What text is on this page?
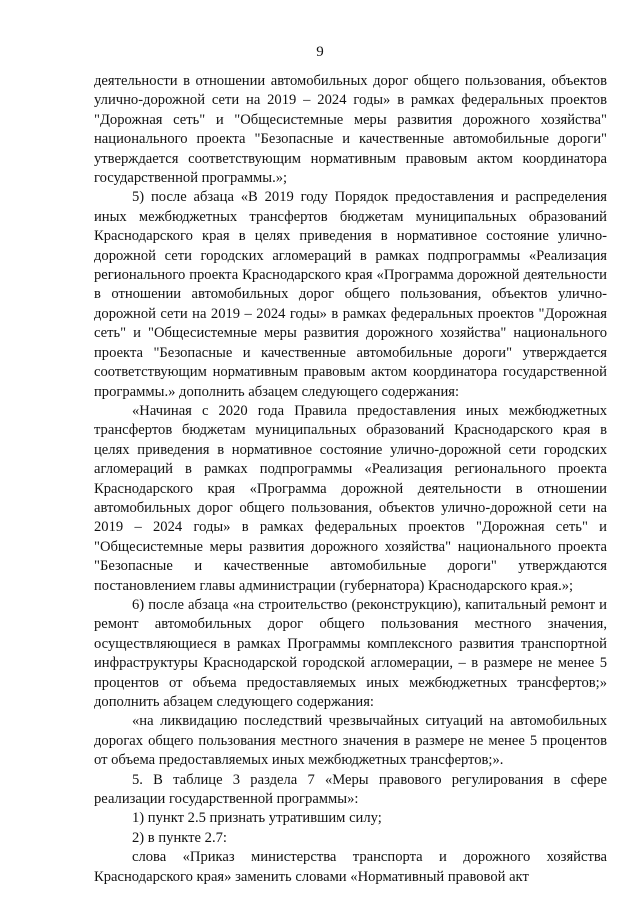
9

деятельности в отношении автомобильных дорог общего пользования, объектов улично-дорожной сети на 2019 – 2024 годы» в рамках федеральных проектов "Дорожная сеть" и "Общесистемные меры развития дорожного хозяйства" национального проекта "Безопасные и качественные автомобильные дороги" утверждается соответствующим нормативным правовым актом координатора государственной программы.»;

5) после абзаца «В 2019 году Порядок предоставления и распределения иных межбюджетных трансфертов бюджетам муниципальных образований Краснодарского края в целях приведения в нормативное состояние улично-дорожной сети городских агломераций в рамках подпрограммы «Реализация регионального проекта Краснодарского края «Программа дорожной деятельности в отношении автомобильных дорог общего пользования, объектов улично-дорожной сети на 2019 – 2024 годы» в рамках федеральных проектов "Дорожная сеть" и "Общесистемные меры развития дорожного хозяйства" национального проекта "Безопасные и качественные автомобильные дороги" утверждается соответствующим нормативным правовым актом координатора государственной программы.» дополнить абзацем следующего содержания:

«Начиная с 2020 года Правила предоставления иных межбюджетных трансфертов бюджетам муниципальных образований Краснодарского края в целях приведения в нормативное состояние улично-дорожной сети городских агломераций в рамках подпрограммы «Реализация регионального проекта Краснодарского края «Программа дорожной деятельности в отношении автомобильных дорог общего пользования, объектов улично-дорожной сети на 2019 – 2024 годы» в рамках федеральных проектов "Дорожная сеть" и "Общесистемные меры развития дорожного хозяйства" национального проекта "Безопасные и качественные автомобильные дороги" утверждаются постановлением главы администрации (губернатора) Краснодарского края.»;

6) после абзаца «на строительство (реконструкцию), капитальный ремонт и ремонт автомобильных дорог общего пользования местного значения, осуществляющиеся в рамках Программы комплексного развития транспортной инфраструктуры Краснодарской городской агломерации, – в размере не менее 5 процентов от объема предоставляемых иных межбюджетных трансфертов;» дополнить абзацем следующего содержания:

«на ликвидацию последствий чрезвычайных ситуаций на автомобильных дорогах общего пользования местного значения в размере не менее 5 процентов от объема предоставляемых иных межбюджетных трансфертов;».

5. В таблице 3 раздела 7 «Меры правового регулирования в сфере реализации государственной программы»:

1) пункт 2.5 признать утратившим силу;

2) в пункте 2.7:

слова «Приказ министерства транспорта и дорожного хозяйства Краснодарского края» заменить словами «Нормативный правовой акт
